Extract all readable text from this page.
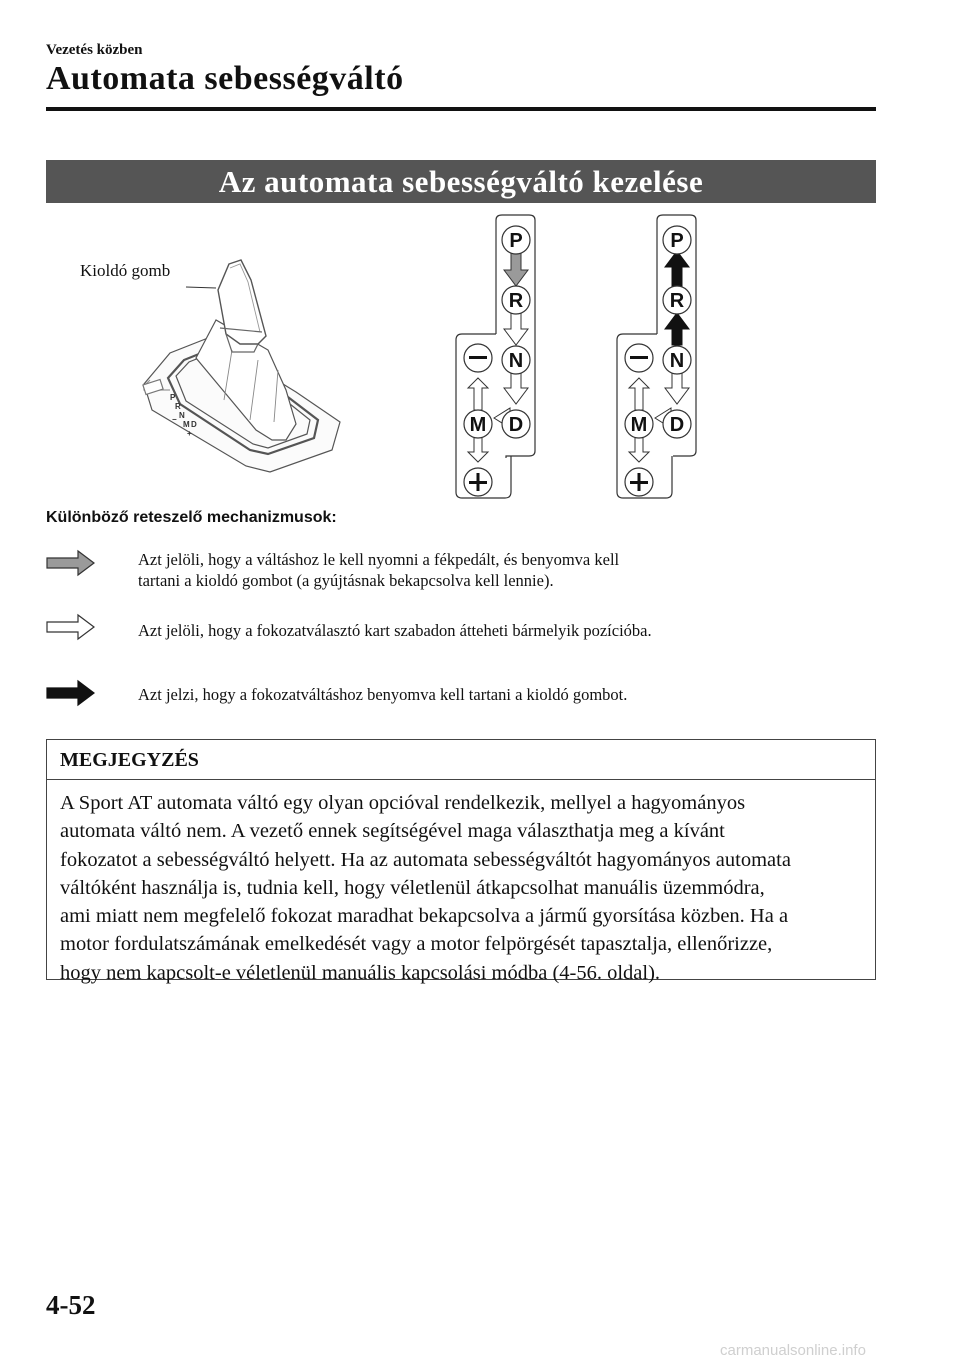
Vezetés közben
Automata sebességváltó
Az automata sebességváltó kezelése
P
R
N
M D
+
−
P
R
N
D
M
P
R
N
D
M
Kioldó gomb
Különböző reteszelő mechanizmusok:
Azt jelöli, hogy a váltáshoz le kell nyomni a fékpedált, és benyomva kell
tartani a kioldó gombot (a gyújtásnak bekapcsolva kell lennie).
Azt jelöli, hogy a fokozatválasztó kart szabadon átteheti bármelyik pozícióba.
Azt jelzi, hogy a fokozatváltáshoz benyomva kell tartani a kioldó gombot.
MEGJEGYZÉS
A Sport AT automata váltó egy olyan opcióval rendelkezik, mellyel a hagyományos
automata váltó nem. A vezető ennek segítségével maga választhatja meg a kívánt
fokozatot a sebességváltó helyett. Ha az automata sebességváltót hagyományos automata
váltóként használja is, tudnia kell, hogy véletlenül átkapcsolhat manuális üzemmódra,
ami miatt nem megfelelő fokozat maradhat bekapcsolva a jármű gyorsítása közben. Ha a
motor fordulatszámának emelkedését vagy a motor felpörgését tapasztalja, ellenőrizze,
hogy nem kapcsolt-e véletlenül manuális kapcsolási módba (4-56. oldal).
4-52
carmanualsonline.info
